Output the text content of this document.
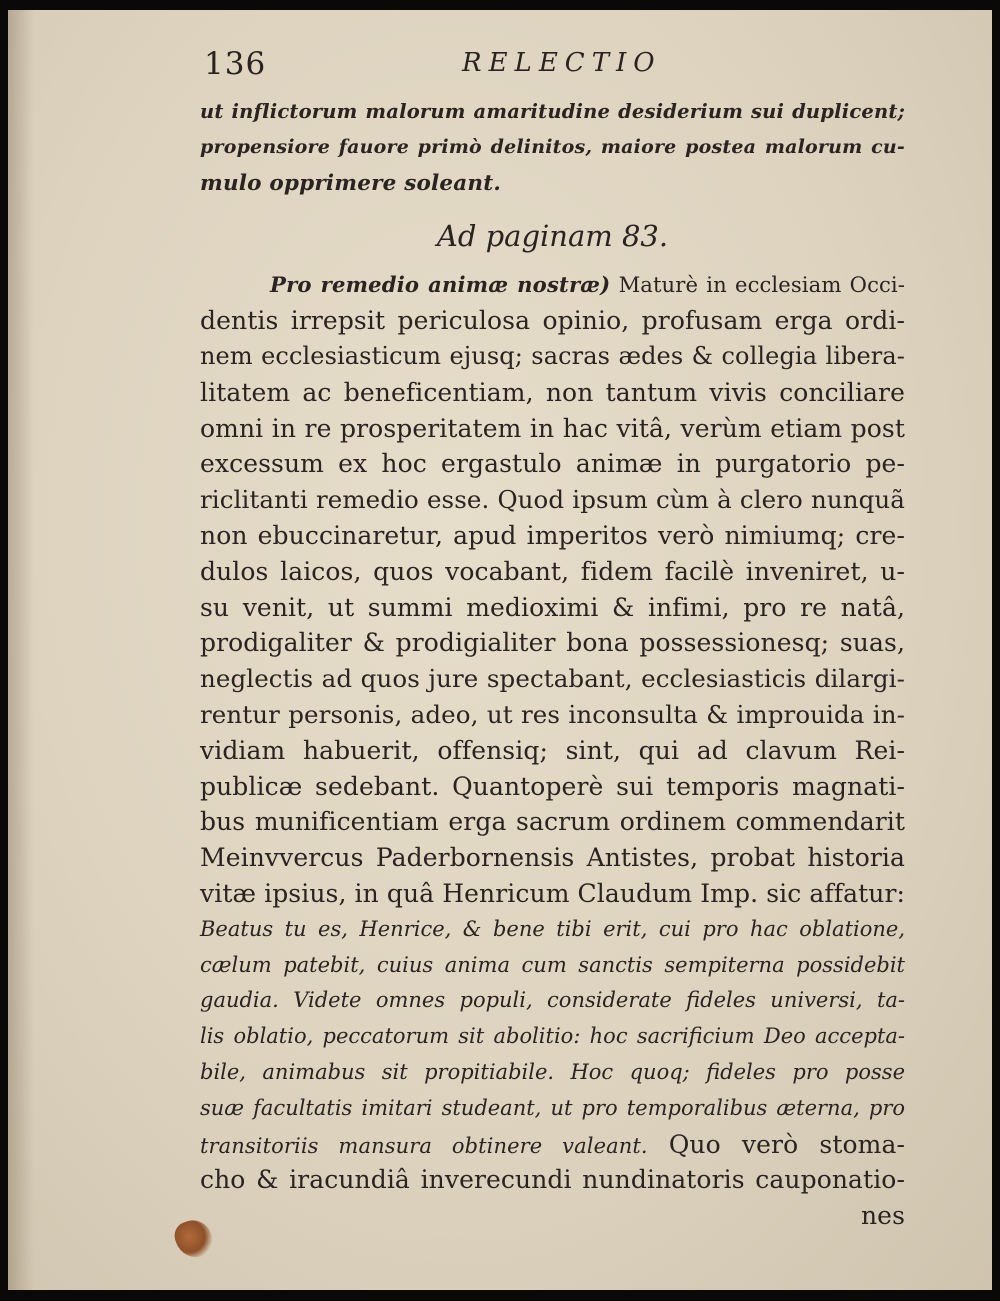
136	RELECTIO
ut inflictorum malorum amaritudine desiderium sui duplicent;
propensiore fauore primò delinitos, maiore postea malorum cu-
mulo opprimere soleant.
Ad paginam 83.
Pro remedio animæ nostræ) Maturè in ecclesiam Occi-
dentis irrepsit periculosa opinio, profusam erga ordi-
nem ecclesiasticum ejusq; sacras ædes & collegia libera-
litatem ac beneficentiam, non tantum vivis conciliare
omni in re prosperitatem in hac vitâ, verùm etiam post
excessum ex hoc ergastulo animæ in purgatorio pe-
riclitanti remedio esse. Quod ipsum cùm à clero nunquã
non ebuccinaretur, apud imperitos verò nimiumq; cre-
dulos laicos, quos vocabant, fidem facilè inveniret, u-
su venit, ut summi medioximi & infimi, pro re natâ,
prodigaliter & prodigialiter bona possessionesq; suas,
neglectis ad quos jure spectabant, ecclesiasticis dilargi-
rentur personis, adeo, ut res inconsulta & improuida in-
vidiam habuerit, offensiq; sint, qui ad clavum Rei-
publicæ sedebant. Quantoperè sui temporis magnati-
bus munificentiam erga sacrum ordinem commendarit
Meinvvercus Paderbornensis Antistes, probat historia
vitæ ipsius, in quâ Henricum Claudum Imp. sic affatur:
Beatus tu es, Henrice, & bene tibi erit, cui pro hac oblatione,
cælum patebit, cuius anima cum sanctis sempiterna possidebit
gaudia. Videte omnes populi, considerate fideles universi, ta-
lis oblatio, peccatorum sit abolitio: hoc sacrificium Deo accepta-
bile, animabus sit propitiabile. Hoc quoq; fideles pro posse
suæ facultatis imitari studeant, ut pro temporalibus æterna, pro
transitoriis mansura obtinere valeant. Quo verò stoma-
cho & iracundiâ inverecundi nundinatoris cauponatio-
nes
